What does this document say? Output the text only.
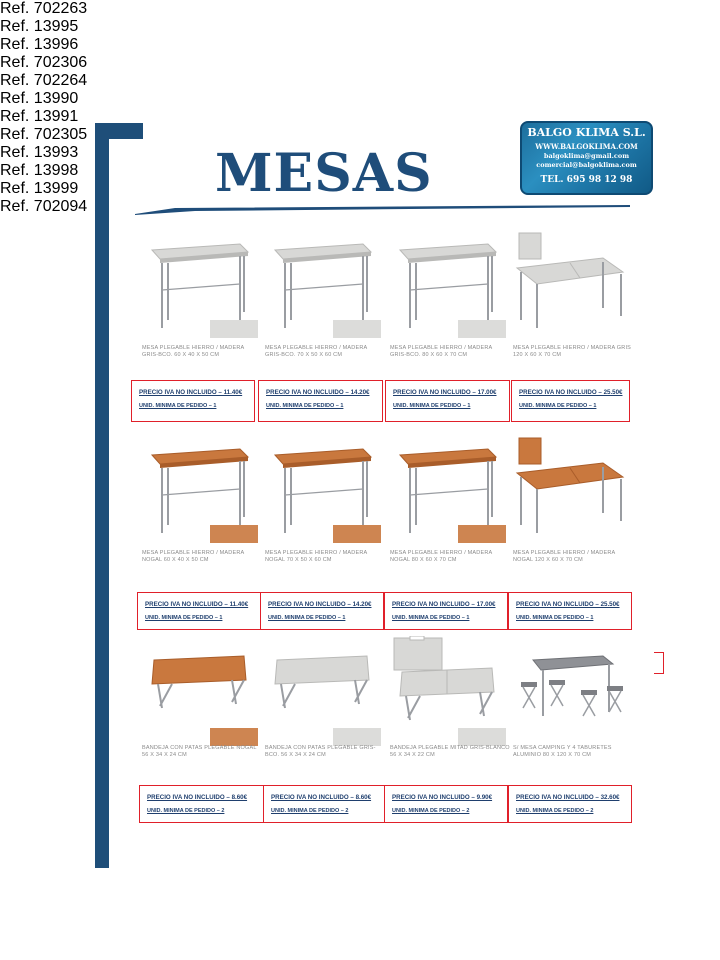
MESAS
BALGO KLIMA S.L.
WWW.BALGOKLIMA.COM
balgoklima@gmail.com
comercial@balgoklima.com
TEL. 695 98 12 98
MESA PLEGABLE HIERRO / MADERA GRIS-BCO. 60 X 40 X 50 CM
Ref. 702263
PRECIO IVA NO INCLUIDO – 11.40€
UNID. MINIMA DE PEDIDO – 1
MESA PLEGABLE HIERRO / MADERA GRIS-BCO. 70 X 50 X 60 CM
Ref. 13995
PRECIO IVA NO INCLUIDO – 14.20€
UNID. MINIMA DE PEDIDO – 1
MESA PLEGABLE HIERRO / MADERA GRIS-BCO. 80 X 60 X 70 CM
Ref. 13996
PRECIO IVA NO INCLUIDO – 17.00€
UNID. MINIMA DE PEDIDO – 1
MESA PLEGABLE HIERRO / MADERA GRIS 120 X 60 X 70 CM
Ref. 702306
PRECIO IVA NO INCLUIDO – 25.50€
UNID. MINIMA DE PEDIDO – 1
MESA PLEGABLE HIERRO / MADERA NOGAL 60 X 40 X 50 CM
Ref. 702264
PRECIO IVA NO INCLUIDO – 11.40€
UNID. MINIMA DE PEDIDO – 1
MESA PLEGABLE HIERRO / MADERA NOGAL 70 X 50 X 60 CM
Ref. 13990
PRECIO IVA NO INCLUIDO – 14.20€
UNID. MINIMA DE PEDIDO – 1
MESA PLEGABLE HIERRO / MADERA NOGAL 80 X 60 X 70 CM
Ref. 13991
PRECIO IVA NO INCLUIDO – 17.00€
UNID. MINIMA DE PEDIDO – 1
MESA PLEGABLE HIERRO / MADERA NOGAL 120 X 60 X 70 CM
Ref. 702305
PRECIO IVA NO INCLUIDO – 25.50€
UNID. MINIMA DE PEDIDO – 1
BANDEJA CON PATAS PLEGABLE NOGAL 56 X 34 X 24 CM
Ref. 13993
PRECIO IVA NO INCLUIDO – 8.60€
UNID. MINIMA DE PEDIDO – 2
BANDEJA CON PATAS PLEGABLE GRIS-BCO. 56 X 34 X 24 CM
Ref. 13998
PRECIO IVA NO INCLUIDO – 8.60€
UNID. MINIMA DE PEDIDO – 2
BANDEJA PLEGABLE MITAD GRIS-BLANCO 56 X 34 X 22 CM
Ref. 13999
PRECIO IVA NO INCLUIDO – 9.90€
UNID. MINIMA DE PEDIDO – 2
S/ MESA CAMPING Y 4 TABURETES ALUMINIO 80 X 120 X 70 CM
Ref. 702094
PRECIO IVA NO INCLUIDO – 32.60€
UNID. MINIMA DE PEDIDO – 2
